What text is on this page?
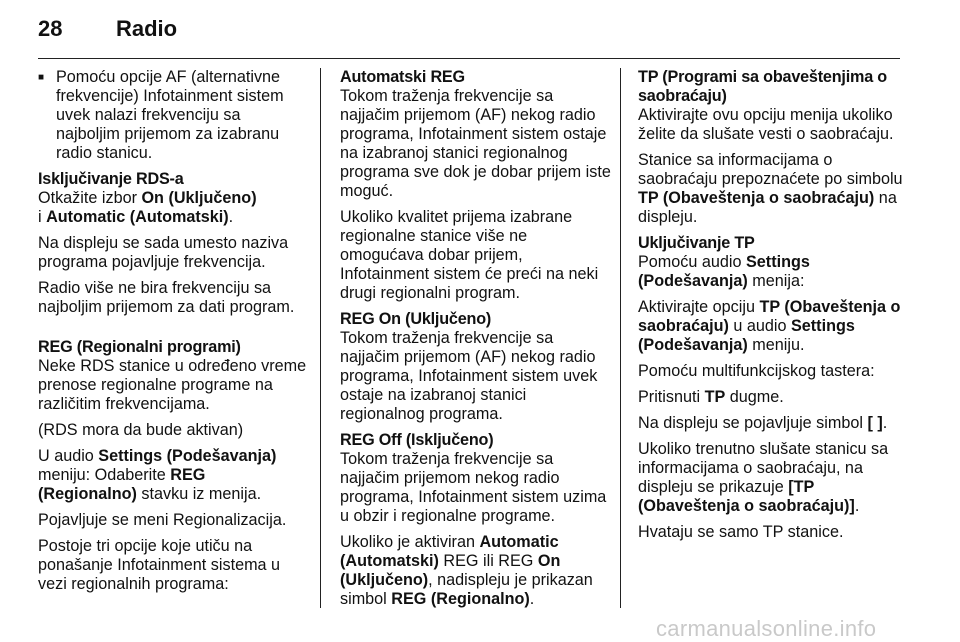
28 Radio
■ Pomoću opcije AF (alternativne frekvencije) Infotainment sistem uvek nalazi frekvenciju sa najboljim prijemom za izabranu radio stanicu.

Isključivanje RDS-a

Otkažite izbor On (Uključeno)
i Automatic (Automatski).

Na displeju se sada umesto naziva programa pojavljuje frekvencija.

Radio više ne bira frekvenciju sa najboljim prijemom za dati program.

REG (Regionalni programi)

Neke RDS stanice u određeno vreme prenose regionalne programe na različitim frekvencijama.

(RDS mora da bude aktivan)

U audio Settings (Podešavanja)
meniju: Odaberite REG (Regionalno) stavku iz menija.

Pojavljuje se meni Regionalizacija.

Postoje tri opcije koje utiču na ponašanje Infotainment sistema u vezi regionalnih programa:

Automatski REG

Tokom traženja frekvencije sa najjačim prijemom (AF) nekog radio programa, Infotainment sistem ostaje na izabranoj stanici regionalnog programa sve dok je dobar prijem iste moguć.

Ukoliko kvalitet prijema izabrane regionalne stanice više ne omogućava dobar prijem, Infotainment sistem će preći na neki drugi regionalni program.

REG On (Uključeno)

Tokom traženja frekvencije sa najjačim prijemom (AF) nekog radio programa, Infotainment sistem uvek ostaje na izabranoj stanici regionalnog programa.

REG Off (Isključeno)

Tokom traženja frekvencije sa najjačim prijemom nekog radio programa, Infotainment sistem uzima u obzir i regionalne programe.

Ukoliko je aktiviran Automatic (Automatski) REG ili REG On (Uključeno), nadispleju je prikazan simbol REG (Regionalno).

TP (Programi sa obaveštenjima o saobraćaju)

Aktivirajte ovu opciju menija ukoliko želite da slušate vesti o saobraćaju.

Stanice sa informacijama o saobraćaju prepoznaćete po simbolu TP (Obaveštenja o saobraćaju) na displeju.

Uključivanje TP

Pomoću audio Settings (Podešavanja) menija:

Aktivirajte opciju TP (Obaveštenja o saobraćaju) u audio Settings (Podešavanja) meniju.

Pomoću multifunkcijskog tastera:

Pritisnuti TP dugme.

Na displeju se pojavljuje simbol [ ].

Ukoliko trenutno slušate stanicu sa informacijama o saobraćaju, na displeju se prikazuje [TP (Obaveštenja o saobraćaju)].

Hvataju se samo TP stanice.

carmanualsonline.info
